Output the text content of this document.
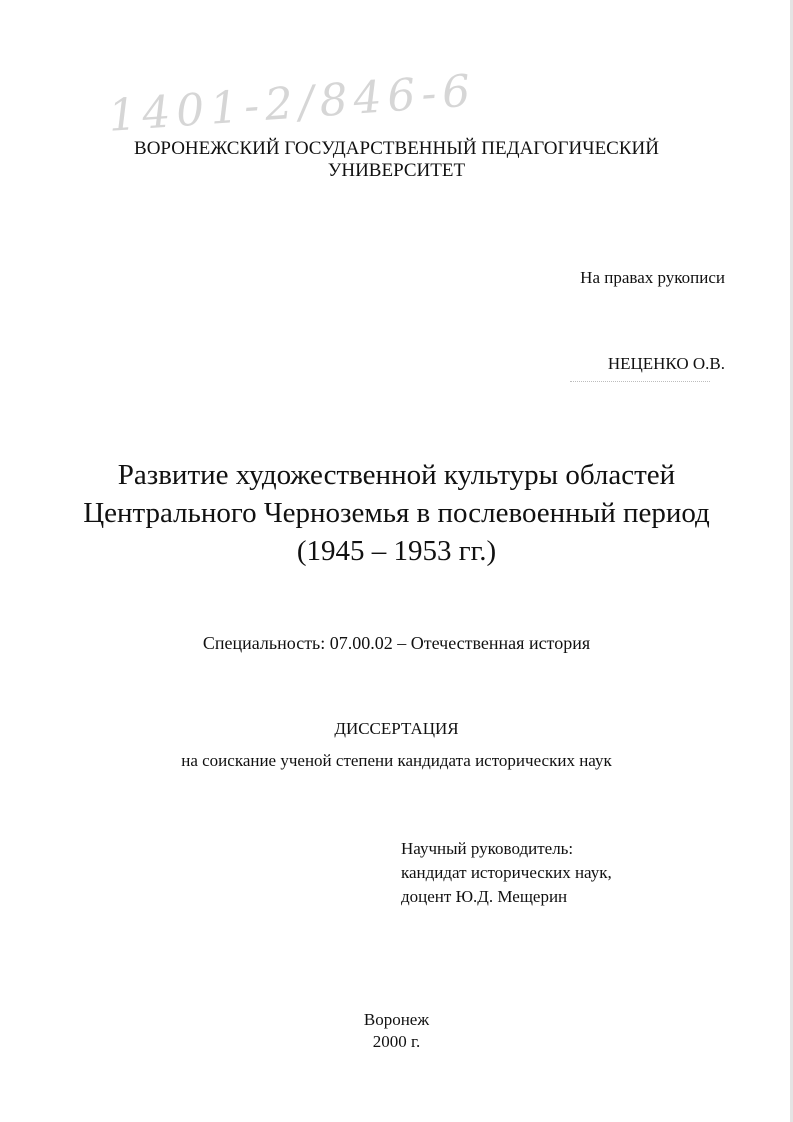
1401-2/846-6
ВОРОНЕЖСКИЙ ГОСУДАРСТВЕННЫЙ ПЕДАГОГИЧЕСКИЙ
УНИВЕРСИТЕТ
На правах рукописи
НЕЦЕНКО О.В.
Развитие художественной культуры областей
Центрального Черноземья в послевоенный период
(1945 – 1953 гг.)
Специальность: 07.00.02 – Отечественная история
ДИССЕРТАЦИЯ
на соискание ученой степени кандидата исторических наук
Научный руководитель:
кандидат исторических наук,
доцент Ю.Д. Мещерин
Воронеж
2000 г.
